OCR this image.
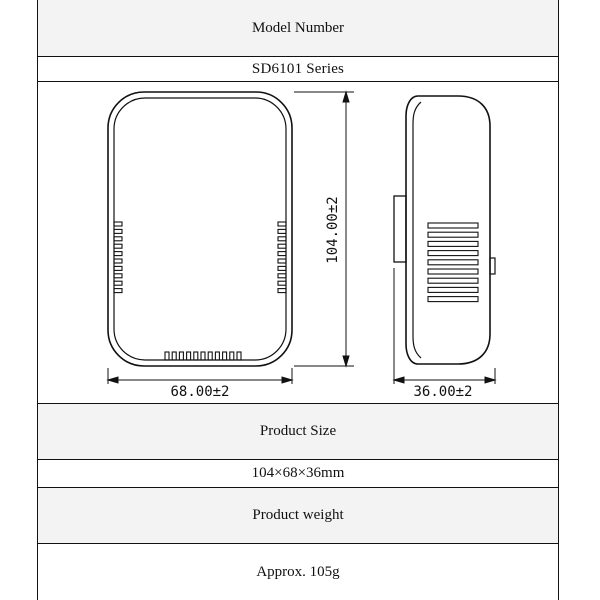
Model Number
SD6101 Series
104.00±2
68.00±2	36.00±2
Product Size
104×68×36mm
Product weight
Approx. 105g
